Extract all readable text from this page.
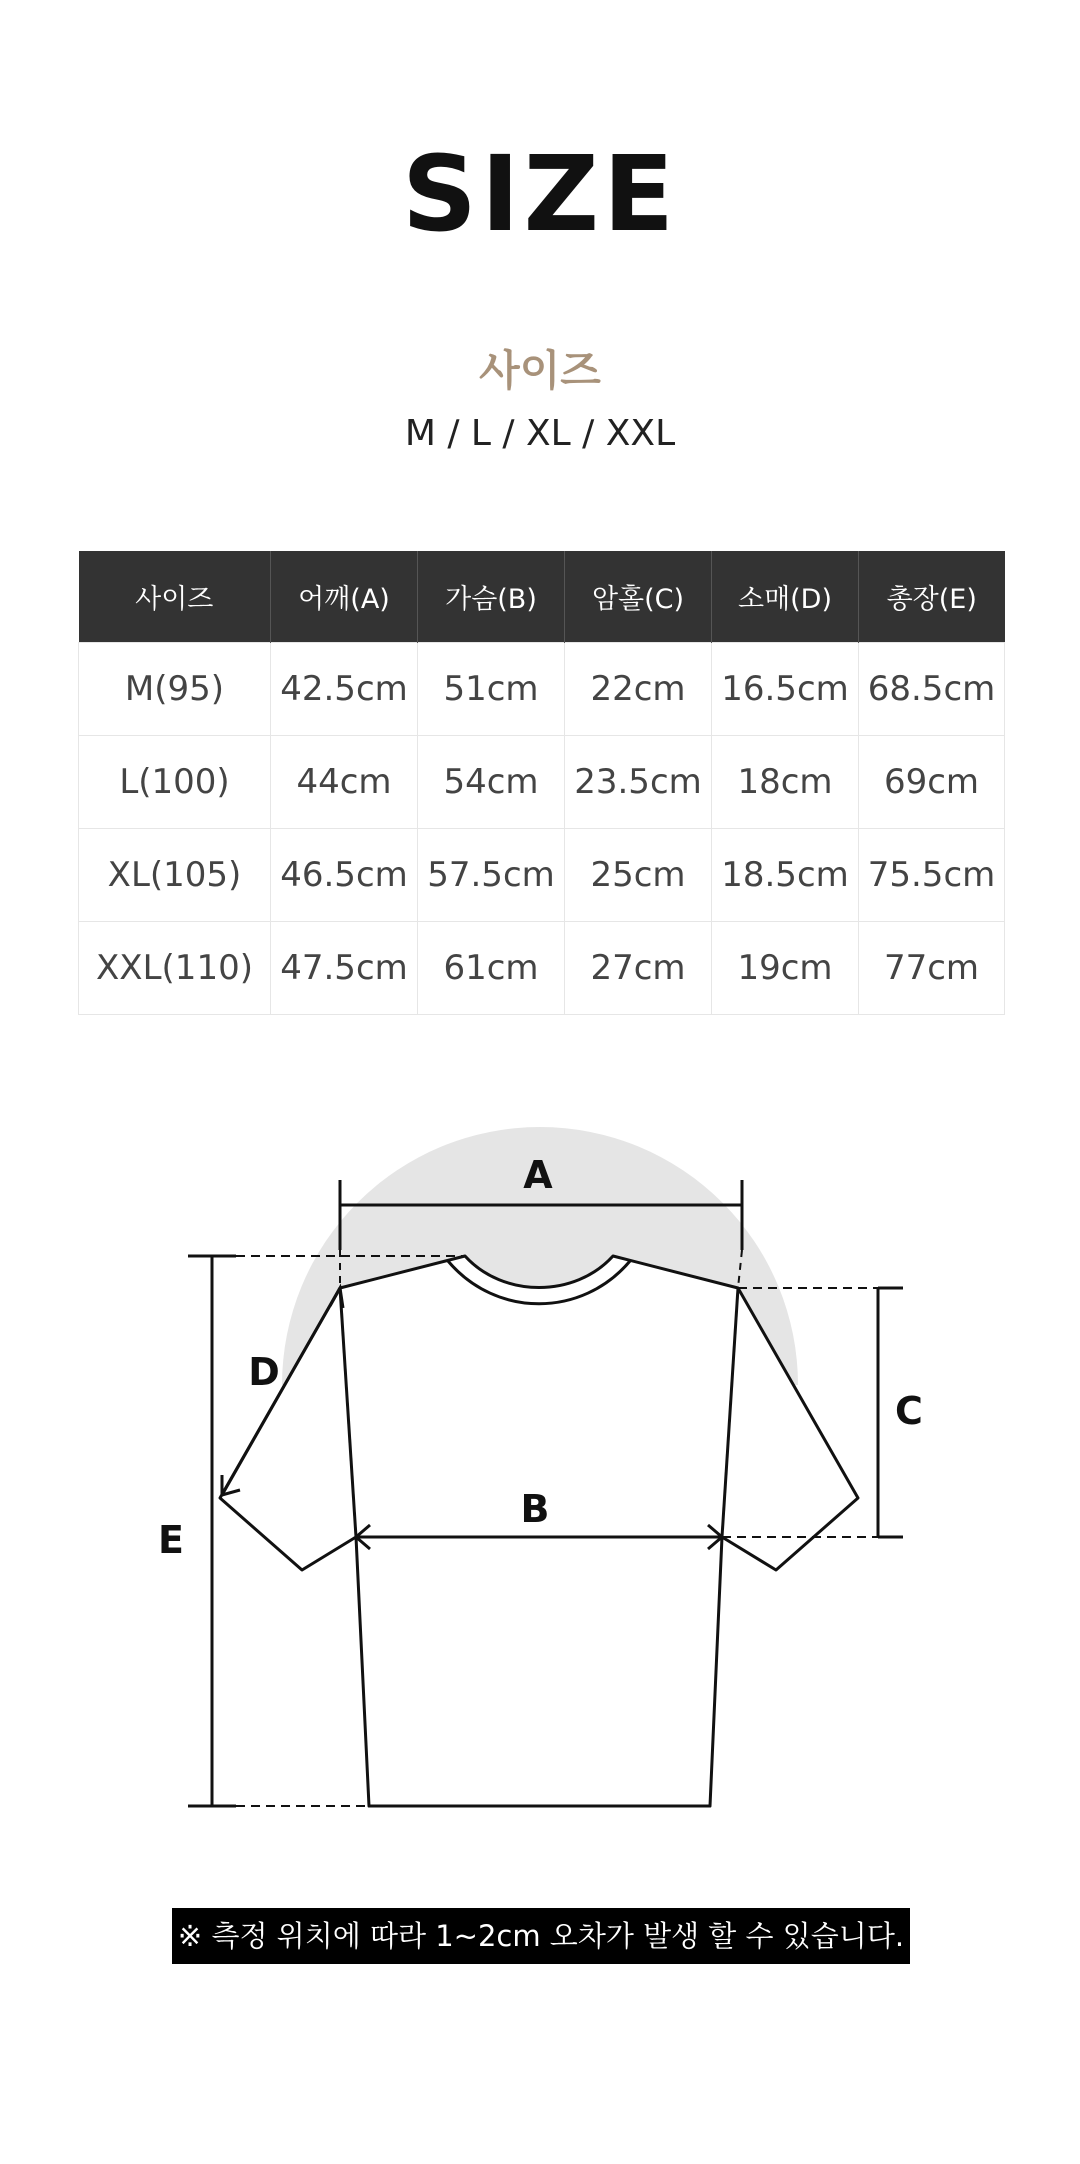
SIZE
사이즈
M / L / XL / XXL
사이즈	어깨(A)	가슴(B)	암홀(C)	소매(D)	총장(E)
M(95)	42.5cm	51cm	22cm	16.5cm	68.5cm
L(100)	44cm	54cm	23.5cm	18cm	69cm
XL(105)	46.5cm	57.5cm	25cm	18.5cm	75.5cm
XXL(110)	47.5cm	61cm	27cm	19cm	77cm
A
B
C
D
E
※ 측정 위치에 따라 1~2cm 오차가 발생 할 수 있습니다.
